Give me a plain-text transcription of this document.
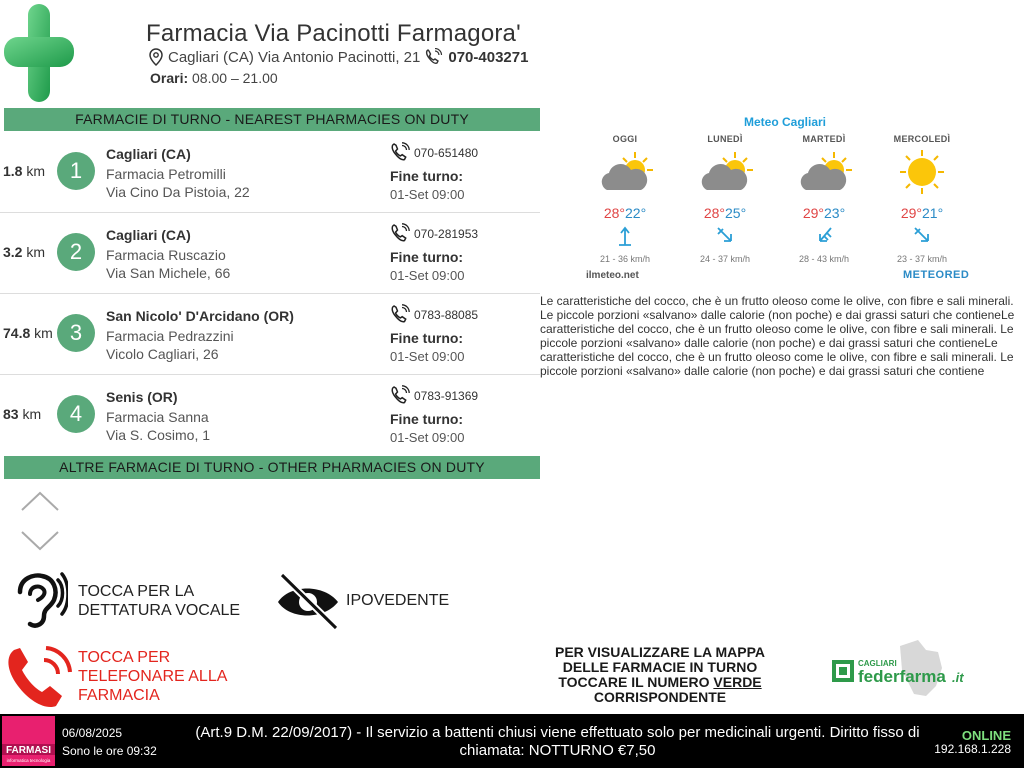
Farmacia Via Pacinotti Farmagora'
Cagliari (CA) Via Antonio Pacinotti, 21 070-403271
Orari: 08.00 – 21.00
FARMACIE DI TURNO - NEAREST PHARMACIES ON DUTY
1.8 km	1
Cagliari (CA)
Farmacia Petromilli
Via Cino Da Pistoia, 22
070-651480
Fine turno:
01-Set 09:00
3.2 km	2
Cagliari (CA)
Farmacia Ruscazio
Via San Michele, 66
070-281953
Fine turno:
01-Set 09:00
74.8 km 3
San Nicolo' D'Arcidano (OR)
Farmacia Pedrazzini
Vicolo Cagliari, 26
0783-88085
Fine turno:
01-Set 09:00
83 km	4
Senis (OR)
Farmacia Sanna
Via S. Cosimo, 1
0783-91369
Fine turno:
01-Set 09:00
ALTRE FARMACIE DI TURNO - OTHER PHARMACIES ON DUTY
Meteo Cagliari
OGGI
28°22°
21 - 36 km/h
LUNEDÌ
28°25°
24 - 37 km/h
MARTEDÌ
29°23°
28 - 43 km/h
MERCOLEDÌ
29°21°
23 - 37 km/h
ilmeteo.net	METEORED
Le caratteristiche del cocco, che è un frutto oleoso come le olive, con fibre e sali minerali. Le piccole porzioni «salvano» dalle calorie (non poche) e dai grassi saturi che contieneLe caratteristiche del cocco, che è un frutto oleoso come le olive, con fibre e sali minerali. Le piccole porzioni «salvano» dalle calorie (non poche) e dai grassi saturi che contieneLe caratteristiche del cocco, che è un frutto oleoso come le olive, con fibre e sali minerali. Le piccole porzioni «salvano» dalle calorie (non poche) e dai grassi saturi che contiene
TOCCA PER LA DETTATURA VOCALE
IPOVEDENTE
TOCCA PER TELEFONARE ALLA FARMACIA
PER VISUALIZZARE LA MAPPA
DELLE FARMACIE IN TURNO
TOCCARE IL NUMERO VERDE
CORRISPONDENTE
CAGLIARI
federfarma .it
FARMASI
informatica tecnologia
06/08/2025
Sono le ore 09:32
(Art.9 D.M. 22/09/2017) - Il servizio a battenti chiusi viene effettuato solo per medicinali urgenti. Diritto fisso di chiamata: NOTTURNO €7,50
ONLINE
192.168.1.228
